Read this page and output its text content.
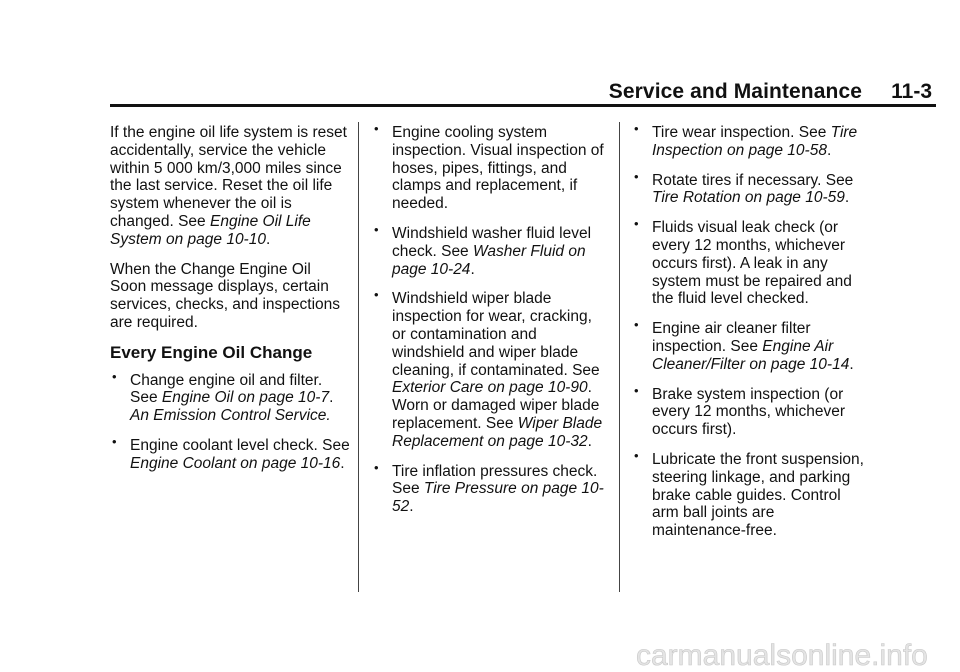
Service and Maintenance 11-3

If the engine oil life system is reset accidentally, service the vehicle within 5 000 km/3,000 miles since the last service. Reset the oil life system whenever the oil is changed. See Engine Oil Life System on page 10-10.

When the Change Engine Oil Soon message displays, certain services, checks, and inspections are required.

Every Engine Oil Change
• Change engine oil and filter. See Engine Oil on page 10-7.
An Emission Control Service.
• Engine coolant level check. See Engine Coolant on page 10-16.
• Engine cooling system inspection. Visual inspection of hoses, pipes, fittings, and clamps and replacement, if needed.
• Windshield washer fluid level check. See Washer Fluid on page 10-24.
• Windshield wiper blade inspection for wear, cracking, or contamination and windshield and wiper blade cleaning, if contaminated. See Exterior Care on page 10-90. Worn or damaged wiper blade replacement. See Wiper Blade Replacement on page 10-32.
• Tire inflation pressures check. See Tire Pressure on page 10-52.
• Tire wear inspection. See Tire Inspection on page 10-58.
• Rotate tires if necessary. See Tire Rotation on page 10-59.
• Fluids visual leak check (or every 12 months, whichever occurs first). A leak in any system must be repaired and the fluid level checked.
• Engine air cleaner filter inspection. See Engine Air Cleaner/Filter on page 10-14.
• Brake system inspection (or every 12 months, whichever occurs first).
• Lubricate the front suspension, steering linkage, and parking brake cable guides. Control arm ball joints are maintenance-free.
carmanualsonline.info
